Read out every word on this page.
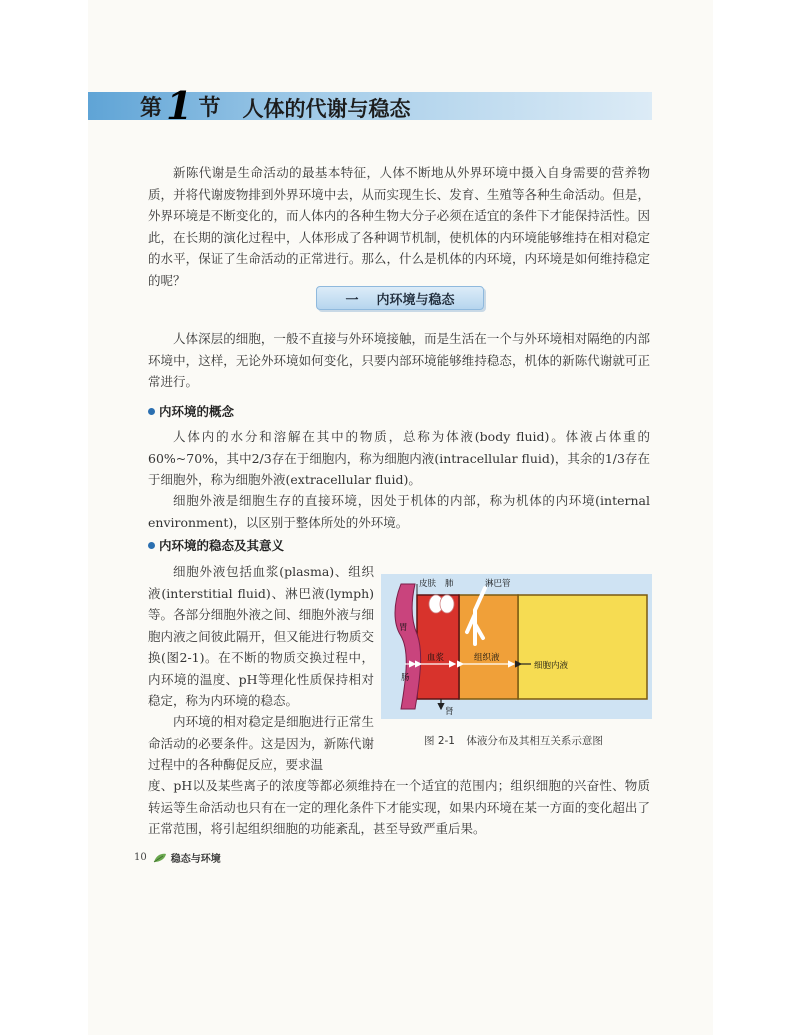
第 1 节 人体的代谢与稳态
新陈代谢是生命活动的最基本特征，人体不断地从外界环境中摄入自身需要的营养物质，并将代谢废物排到外界环境中去，从而实现生长、发育、生殖等各种生命活动。但是，外界环境是不断变化的，而人体内的各种生物大分子必须在适宜的条件下才能保持活性。因此，在长期的演化过程中，人体形成了各种调节机制，使机体的内环境能够维持在相对稳定的水平，保证了生命活动的正常进行。那么，什么是机体的内环境，内环境是如何维持稳定的呢？
一 内环境与稳态
人体深层的细胞，一般不直接与外环境接触，而是生活在一个与外环境相对隔绝的内部环境中，这样，无论外环境如何变化，只要内部环境能够维持稳态，机体的新陈代谢就可正常进行。
内环境的概念
人体内的水分和溶解在其中的物质，总称为体液(body fluid)。体液占体重的60%~70%，其中2/3存在于细胞内，称为细胞内液(intracellular fluid)，其余的1/3存在于细胞外，称为细胞外液(extracellular fluid)。
细胞外液是细胞生存的直接环境，因处于机体的内部，称为机体的内环境(internal environment)，以区别于整体所处的外环境。
内环境的稳态及其意义
细胞外液包括血浆(plasma)、组织液(interstitial fluid)、淋巴液(lymph)等。各部分细胞外液之间、细胞外液与细胞内液之间彼此隔开，但又能进行物质交换(图2-1)。在不断的物质交换过程中，内环境的温度、pH等理化性质保持相对稳定，称为内环境的稳态。
内环境的相对稳定是细胞进行正常生命活动的必要条件。这是因为，新陈代谢过程中的各种酶促反应，要求温
度、pH以及某些离子的浓度等都必须维持在一个适宜的范围内；组织细胞的兴奋性、物质转运等生命活动也只有在一定的理化条件下才能实现，如果内环境在某一方面的变化超出了正常范围，将引起组织细胞的功能紊乱，甚至导致严重后果。
皮肤 肺	淋巴管
胃
肠
血浆	组织液
细胞内液
肾
图 2-1 体液分布及其相互关系示意图
10 稳态与环境
